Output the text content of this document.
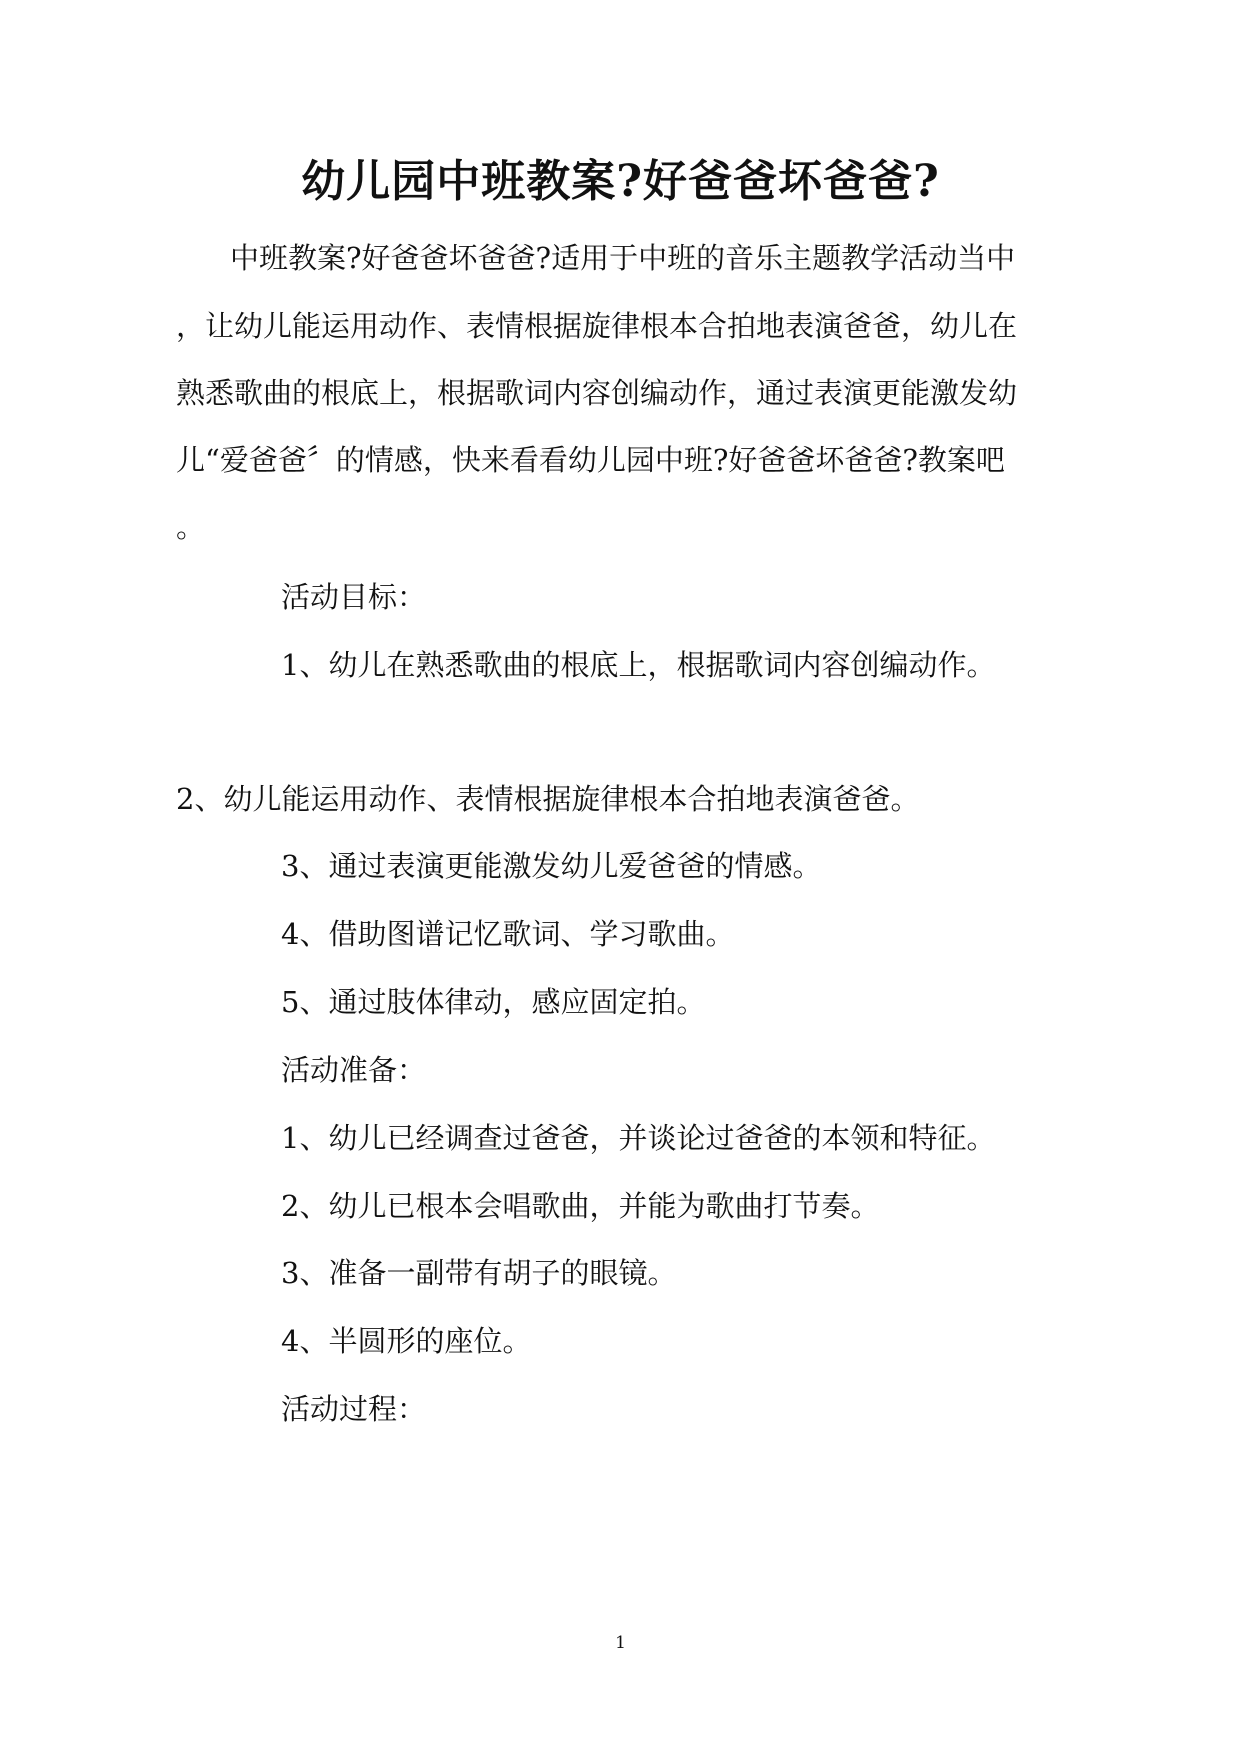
幼儿园中班教案?好爸爸坏爸爸?
中班教案?好爸爸坏爸爸?适用于中班的音乐主题教学活动当中
，让幼儿能运用动作、表情根据旋律根本合拍地表演爸爸，幼儿在
熟悉歌曲的根底上，根据歌词内容创编动作，通过表演更能激发幼
儿“爱爸爸〞的情感，快来看看幼儿园中班?好爸爸坏爸爸?教案吧
。
活动目标：
1、幼儿在熟悉歌曲的根底上，根据歌词内容创编动作。
2、幼儿能运用动作、表情根据旋律根本合拍地表演爸爸。
3、通过表演更能激发幼儿爱爸爸的情感。
4、借助图谱记忆歌词、学习歌曲。
5、通过肢体律动，感应固定拍。
活动准备：
1、幼儿已经调查过爸爸，并谈论过爸爸的本领和特征。
2、幼儿已根本会唱歌曲，并能为歌曲打节奏。
3、准备一副带有胡子的眼镜。
4、半圆形的座位。
活动过程：
1
